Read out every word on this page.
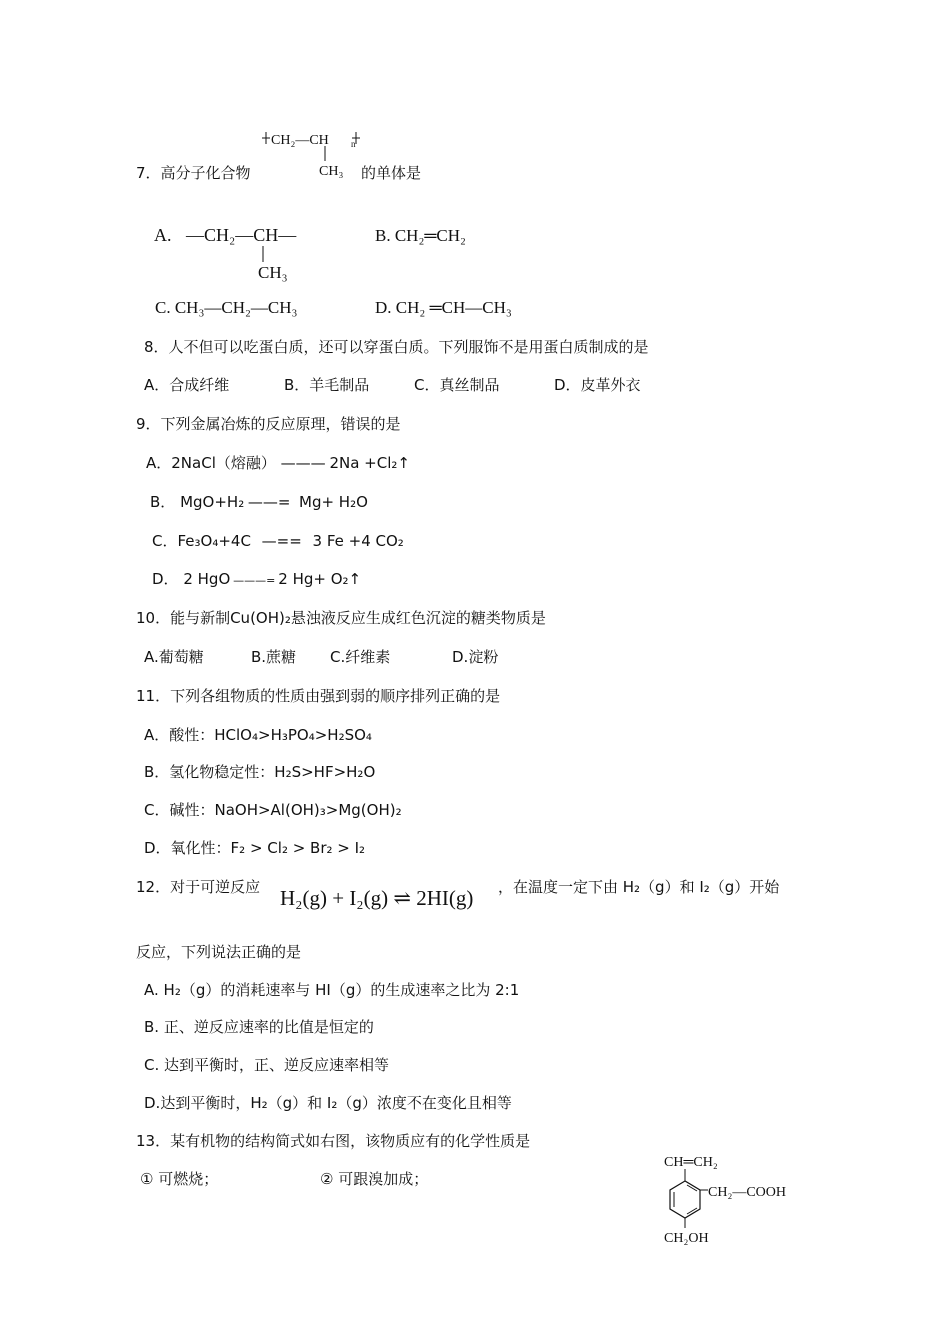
CH₂—CH n
CH₃
7．高分子化合物	的单体是
A. —CH₂—CH—
CH₃
B. CH₂═CH₂
C. CH₃—CH₂—CH₃	D. CH₂ ═CH—CH₃
8．人不但可以吃蛋白质，还可以穿蛋白质。下列服饰不是用蛋白质制成的是
A．合成纤维	B．羊毛制品	C．真丝制品	D．皮革外衣
9．下列金属冶炼的反应原理，错误的是
A．2NaCl（熔融） ——— 2Na +Cl₂↑
B． MgO+H₂ ——= Mg+ H₂O
C．Fe₃O₄+4C —== 3 Fe +4 CO₂
D． 2 HgO ———= 2 Hg+ O₂↑
10．能与新制Cu(OH)₂悬浊液反应生成红色沉淀的糖类物质是
A.葡萄糖	B.蔗糖 C.纤维素	D.淀粉
11．下列各组物质的性质由强到弱的顺序排列正确的是
A．酸性：HClO₄>H₃PO₄>H₂SO₄
B．氢化物稳定性：H₂S>HF>H₂O
C．碱性：NaOH>Al(OH)₃>Mg(OH)₂
D．氧化性：F₂ > Cl₂ > Br₂ > I₂
12．对于可逆反应 H₂(g) + I₂(g) ⇌ 2HI(g) ，在温度一定下由 H₂（g）和 I₂（g）开始
反应，下列说法正确的是
A. H₂（g）的消耗速率与 HI（g）的生成速率之比为 2:1
B. 正、逆反应速率的比值是恒定的
C. 达到平衡时，正、逆反应速率相等
D.达到平衡时，H₂（g）和 I₂（g）浓度不在变化且相等
13．某有机物的结构简式如右图，该物质应有的化学性质是
① 可燃烧；	② 可跟溴加成；
CH═CH₂
CH₂—COOH
CH₂OH
